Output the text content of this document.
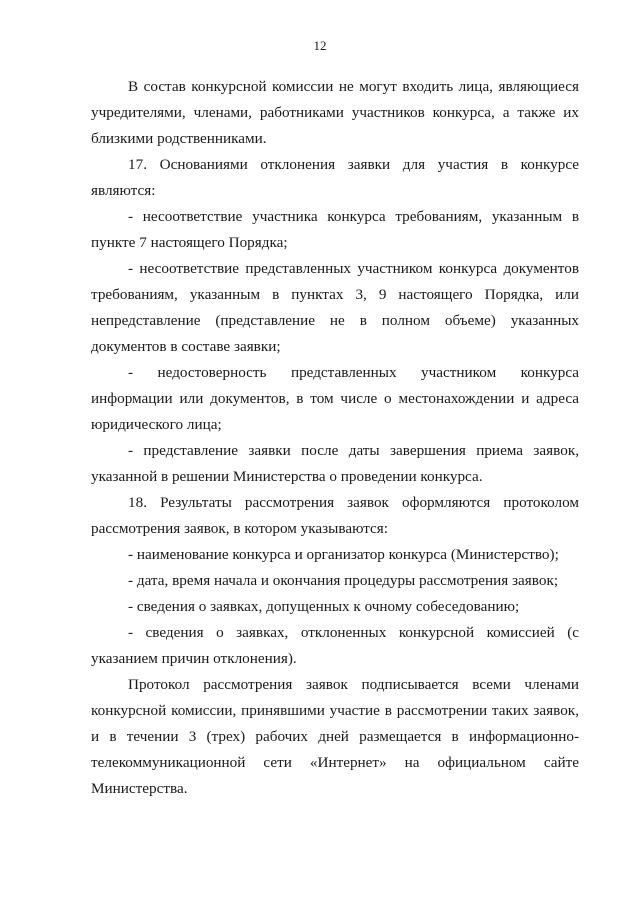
12

В состав конкурсной комиссии не могут входить лица, являющиеся учредителями, членами, работниками участников конкурса, а также их близкими родственниками.

17. Основаниями отклонения заявки для участия в конкурсе являются:

- несоответствие участника конкурса требованиям, указанным в пункте 7 настоящего Порядка;

- несоответствие представленных участником конкурса документов требованиям, указанным в пунктах 3, 9 настоящего Порядка, или непредставление (представление не в полном объеме) указанных документов в составе заявки;

- недостоверность представленных участником конкурса информации или документов, в том числе о местонахождении и адреса юридического лица;

- представление заявки после даты завершения приема заявок, указанной в решении Министерства о проведении конкурса.

18. Результаты рассмотрения заявок оформляются протоколом рассмотрения заявок, в котором указываются:

- наименование конкурса и организатор конкурса (Министерство);

- дата, время начала и окончания процедуры рассмотрения заявок;

- сведения о заявках, допущенных к очному собеседованию;

- сведения о заявках, отклоненных конкурсной комиссией (с указанием причин отклонения).

Протокол рассмотрения заявок подписывается всеми членами конкурсной комиссии, принявшими участие в рассмотрении таких заявок, и в течении 3 (трех) рабочих дней размещается в информационно-телекоммуникационной сети «Интернет» на официальном сайте Министерства.
